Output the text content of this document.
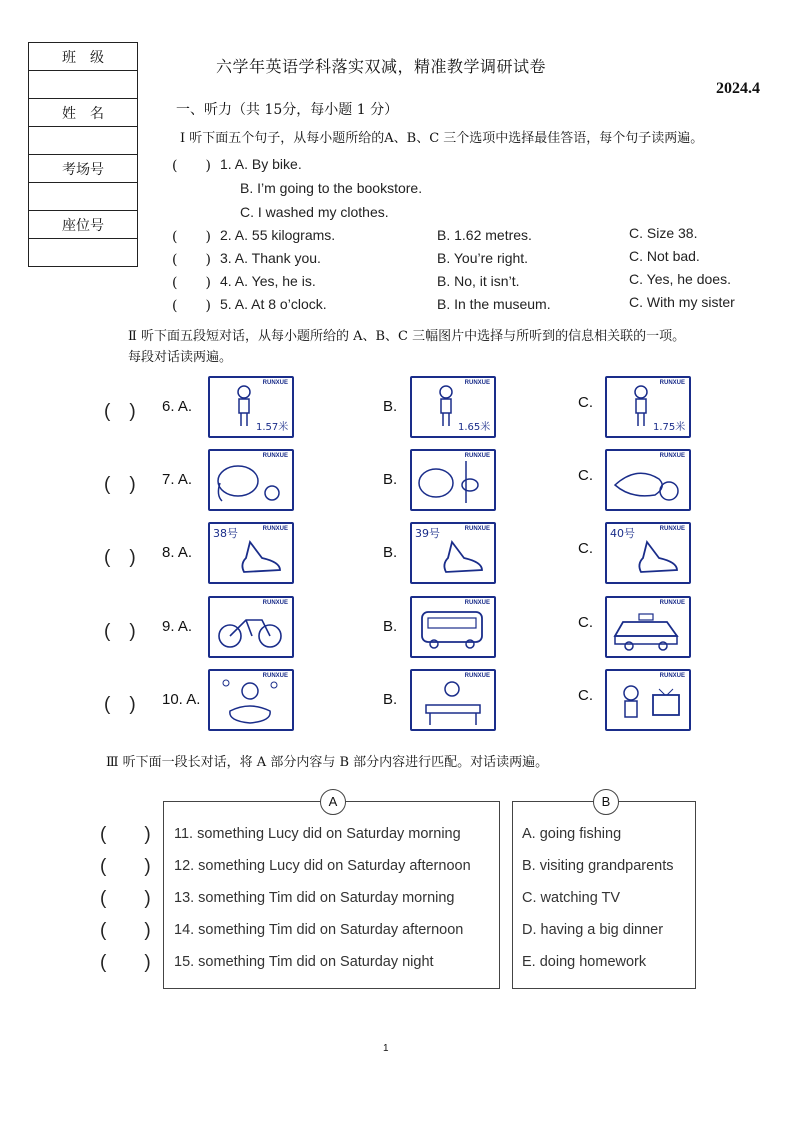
班　级

姓　名

考场号

座位号

六学年英语学科落实双减，精准教学调研试卷
2024.4
一、听力（共 15分，每小题 1 分）
Ⅰ 听下面五个句子，从每小题所给的A、B、C 三个选项中选择最佳答语，每个句子读两遍。
(　　) 1. A. By bike.
B. I’m going to the bookstore.
C. I washed my clothes.
(　　) 2. A. 55 kilograms.	B. 1.62 metres.	C. Size 38.
(　　) 3. A. Thank you.	B. You’re right.	C. Not bad.
(　　) 4. A. Yes, he is.	B. No, it isn’t.	C. Yes, he does.
(　　) 5. A. At 8 o’clock.	B. In the museum.	C. With my sister
Ⅱ 听下面五段短对话，从每小题所给的 A、B、C 三幅图片中选择与所听到的信息相关联的一项。 每段对话读两遍。
(　) 6. A.
RUNXUE
1.57米
B.
RUNXUE
1.65米
C.
RUNXUE
1.75米
(　) 7. A.
RUNXUE
B.
RUNXUE
C.
RUNXUE
(　) 8. A.
RUNXUE
38号
B.
RUNXUE
39号
C.
RUNXUE
40号
(　) 9. A.
RUNXUE
B.
RUNXUE
C.
RUNXUE
(　) 10. A.
RUNXUE
B.
RUNXUE
C.
RUNXUE
Ⅲ 听下面一段长对话，将 A 部分内容与 B 部分内容进行匹配。对话读两遍。
A
11. something Lucy did on Saturday morning
12. something Lucy did on Saturday afternoon
13. something Tim did on Saturday morning
14. something Tim did on Saturday afternoon
15. something Tim did on Saturday night
B
A. going fishing
B. visiting grandparents
C. watching TV
D. having a big dinner
E. doing homework
(　　)
(　　)
(　　)
(　　)
(　　)
1
